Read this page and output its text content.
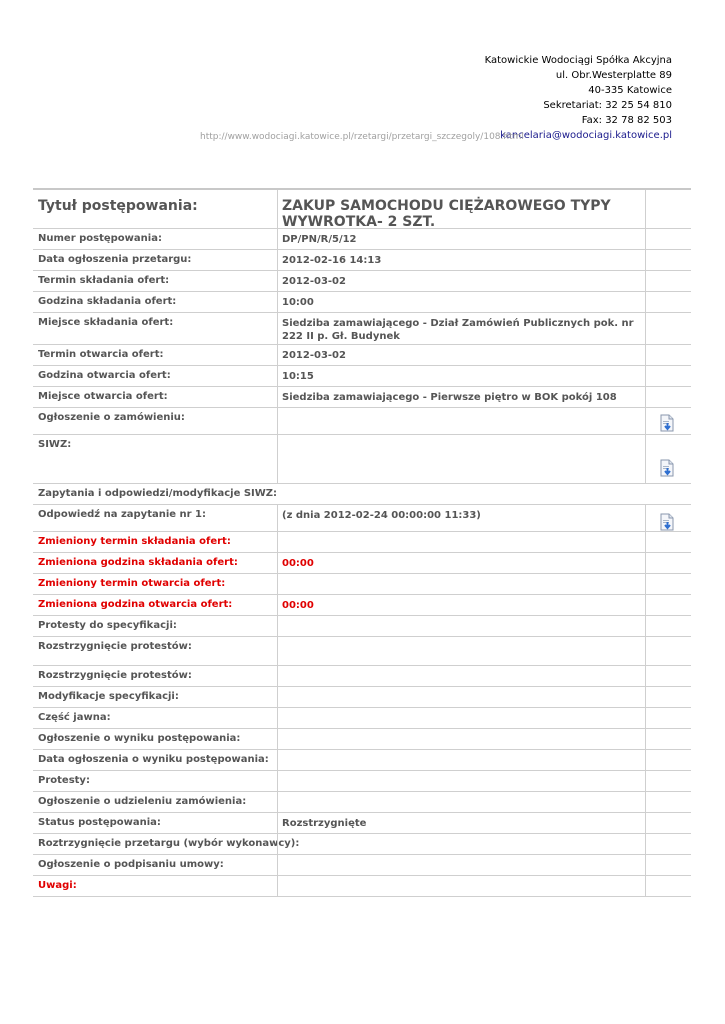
Katowickie Wodociągi Spółka Akcyjna
ul. Obr.Westerplatte 89
40-335 Katowice
Sekretariat: 32 25 54 810
Fax: 32 78 82 503
kancelaria@wodociagi.katowice.pl
http://www.wodociagi.katowice.pl/rzetargi/przetargi_szczegoly/108.html
Tytuł postępowania:	ZAKUP SAMOCHODU CIĘŻAROWEGO TYPY WYWROTKA- 2 SZT.
Numer postępowania:	DP/PN/R/5/12
Data ogłoszenia przetargu:	2012-02-16 14:13
Termin składania ofert:	2012-03-02
Godzina składania ofert:	10:00
Miejsce składania ofert:	Siedziba zamawiającego - Dział Zamówień Publicznych pok. nr 222 II p. Gł. Budynek
Termin otwarcia ofert:	2012-03-02
Godzina otwarcia ofert:	10:15
Miejsce otwarcia ofert:	Siedziba zamawiającego - Pierwsze piętro w BOK pokój 108
Ogłoszenie o zamówieniu:
SIWZ:
Zapytania i odpowiedzi/modyfikacje SIWZ:
Odpowiedź na zapytanie nr 1:	(z dnia 2012-02-24 00:00:00 11:33)
Zmieniony termin składania ofert:
Zmieniona godzina składania ofert:	00:00
Zmieniony termin otwarcia ofert:
Zmieniona godzina otwarcia ofert:	00:00
Protesty do specyfikacji:
Rozstrzygnięcie protestów:
Rozstrzygnięcie protestów:
Modyfikacje specyfikacji:
Część jawna:
Ogłoszenie o wyniku postępowania:
Data ogłoszenia o wyniku postępowania:
Protesty:
Ogłoszenie o udzieleniu zamówienia:
Status postępowania:	Rozstrzygnięte
Roztrzygnięcie przetargu (wybór wykonawcy):
Ogłoszenie o podpisaniu umowy:
Uwagi:
